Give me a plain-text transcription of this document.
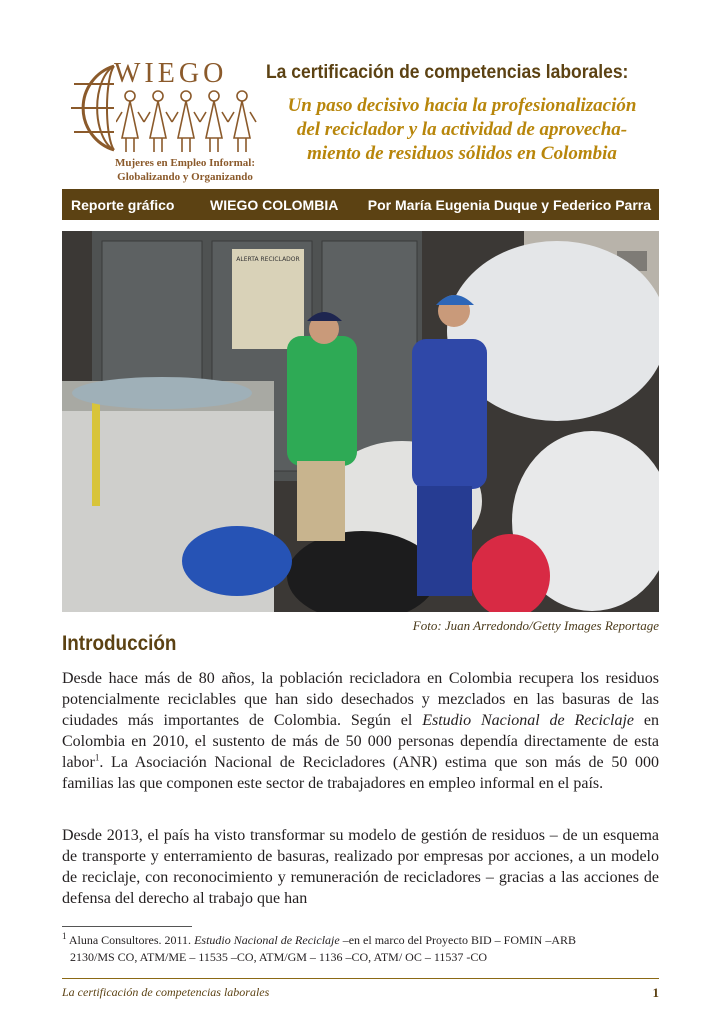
WIEGO
Mujeres en Empleo Informal:
Globalizando y Organizando
La certificación de competencias laborales:
Un paso decisivo hacia la profesionalización
del reciclador y la actividad de aprovecha-
miento de residuos sólidos en Colombia
Reporte gráfico	WIEGO COLOMBIA Por María Eugenia Duque y Federico Parra
ALERTA RECICLADOR
Foto: Juan Arredondo/Getty Images Reportage
Introducción
Desde hace más de 80 años, la población recicladora en Colombia recupera los residuos potencialmente reciclables que han sido desechados y mezclados en las basuras de las ciudades más importantes de Colombia. Según el Estudio Nacional de Reciclaje en Colombia en 2010, el sustento de más de 50 000 personas dependía directamente de esta labor$^1$. La Asociación Nacional de Recicladores (ANR) estima que son más de 50 000 familias las que componen este sector de trabajadores en empleo informal en el país.
Desde 2013, el país ha visto transformar su modelo de gestión de residuos – de un esquema de transporte y enterramiento de basuras, realizado por empresas por acciones, a un modelo de reciclaje, con reconocimiento y remuneración de recicladores – gracias a las acciones de defensa del derecho al trabajo que han
$^1$ Aluna Consultores. 2011. Estudio Nacional de Reciclaje –en el marco del Proyecto BID – FOMIN –ARB
2130/MS CO, ATM/ME – 11535 –CO, ATM/GM – 1136 –CO, ATM/ OC – 11537 -CO
La certificación de competencias laborales	1
